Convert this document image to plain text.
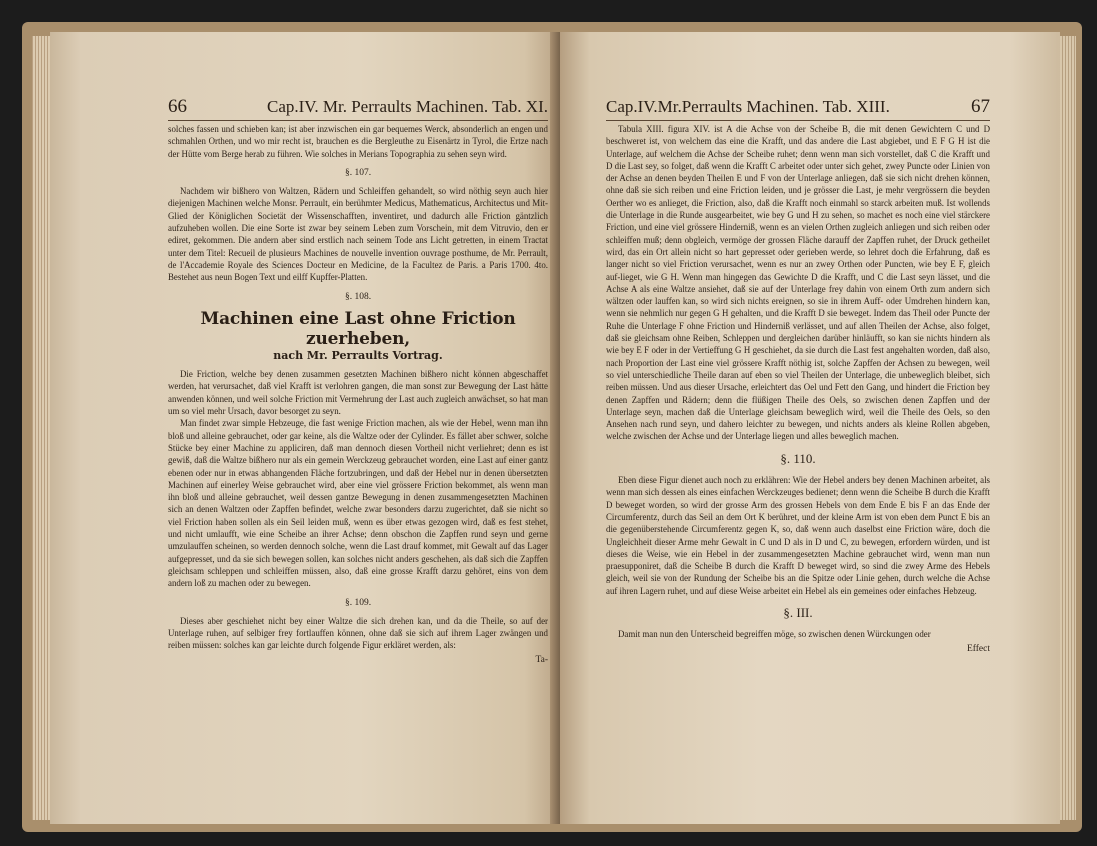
66	Cap.IV. Mr. Perraults Machinen. Tab. XI.

solches fassen und schieben kan; ist aber inzwischen ein gar bequemes Werck, absonderlich an engen und schmahlen Orthen, und wo mir recht ist, brauchen es die Bergleuthe zu Eisenärtz in Tyrol, die Ertze nach der Hütte vom Berge herab zu führen. Wie solches in Merians Topographia zu sehen seyn wird.

§. 107.

Nachdem wir bißhero von Waltzen, Rädern und Schleiffen gehandelt, so wird nöthig seyn auch hier diejenigen Machinen welche Monsr. Perrault, ein berühmter Medicus, Mathematicus, Architectus und Mit-Glied der Königlichen Societät der Wissenschafften, inventiret, und dadurch alle Friction gäntzlich aufzuheben wollen. Die eine Sorte ist zwar bey seinem Leben zum Vorschein, mit dem Vitruvio, den er ediret, gekommen. Die andern aber sind erstlich nach seinem Tode ans Licht getretten, in einem Tractat unter dem Titel: Recueil de plusieurs Machines de nouvelle invention ouvrage posthume, de Mr. Perrault, de l'Accademie Royale des Sciences Docteur en Medicine, de la Facultez de Paris. a Paris 1700. 4to. Bestehet aus neun Bogen Text und eilff Kupffer-Platten.

§. 108.
Machinen eine Last ohne Friction zuerheben,
nach Mr. Perraults Vortrag.

Die Friction, welche bey denen zusammen gesetzten Machinen bißhero nicht können abgeschaffet werden, hat verursachet, daß viel Krafft ist verlohren gangen, die man sonst zur Bewegung der Last hätte anwenden können, und weil solche Friction mit Vermehrung der Last auch zugleich anwächset, so hat man um so viel mehr Ursach, davor besorget zu seyn.

Man findet zwar simple Hebzeuge, die fast wenige Friction machen, als wie der Hebel, wenn man ihn bloß und alleine gebrauchet, oder gar keine, als die Waltze oder der Cylinder. Es fället aber schwer, solche Stücke bey einer Machine zu appliciren, daß man dennoch diesen Vortheil nicht verliehret; denn es ist gewiß, daß die Waltze bißhero nur als ein gemein Werckzeug gebrauchet worden, eine Last auf einer gantz ebenen oder nur in etwas abhangenden Fläche fortzubringen, und daß der Hebel nur in denen übersetzten Machinen auf einerley Weise gebrauchet wird, aber eine viel grössere Friction bekommet, als wenn man ihn bloß und alleine gebrauchet, weil dessen gantze Bewegung in denen zusammengesetzten Machinen sich an denen Waltzen oder Zapffen befindet, welche zwar besonders darzu zugerichtet, daß sie nicht so viel Friction haben sollen als ein Seil leiden muß, wenn es über etwas gezogen wird, daß es fest stehet, und nicht umlaufft, wie eine Scheibe an ihrer Achse; denn obschon die Zapffen rund seyn und gerne umzulauffen scheinen, so werden dennoch solche, wenn die Last drauf kommet, mit Gewalt auf das Lager aufgepresset, und da sie sich bewegen sollen, kan solches nicht anders geschehen, als daß sich die Zapffen gleichsam schleppen und schleiffen müssen, also, daß eine grosse Krafft darzu gehöret, eins von dem andern loß zu machen oder zu bewegen.

§. 109.

Dieses aber geschiehet nicht bey einer Waltze die sich drehen kan, und da die Theile, so auf der Unterlage ruhen, auf selbiger frey fortlauffen können, ohne daß sie sich auf ihrem Lager zwängen und reiben müssen: solches kan gar leichte durch folgende Figur erkläret werden, als:

Ta-
Cap.IV.Mr.Perraults Machinen. Tab. XIII.	67

Tabula XIII. figura XIV. ist A die Achse von der Scheibe B, die mit denen Gewichtern C und D beschweret ist, von welchem das eine die Krafft, und das andere die Last abgiebet, und E F G H ist die Unterlage, auf welchem die Achse der Scheibe ruhet; denn wenn man sich vorstellet, daß C die Krafft und D die Last sey, so folget, daß wenn die Krafft C arbeitet oder unter sich gehet, zwey Puncte oder Linien von der Achse an denen beyden Theilen E und F von der Unterlage anliegen, daß sie sich nicht drehen können, ohne daß sie sich reiben und eine Friction leiden, und je grösser die Last, je mehr vergrössern die beyden Oerther wo es anlieget, die Friction, also, daß die Krafft noch einmahl so starck arbeiten muß. Ist wollends die Unterlage in die Runde ausgearbeitet, wie bey G und H zu sehen, so machet es noch eine viel stärckere Friction, und eine viel grössere Hinderniß, wenn es an vielen Orthen zugleich anliegen und sich reiben oder schleiffen muß; denn obgleich, vermöge der grossen Fläche darauff der Zapffen ruhet, der Druck getheilet wird, das ein Ort allein nicht so hart gepresset oder gerieben werde, so lehret doch die Erfahrung, daß es langer nicht so viel Friction verursachet, wenn es nur an zwey Orthen oder Puncten, wie bey E F, gleich auf-lieget, wie G H. Wenn man hingegen das Gewichte D die Krafft, und C die Last seyn lässet, und die Achse A als eine Waltze ansiehet, daß sie auf der Unterlage frey dahin von einem Orth zum andern sich wältzen oder lauffen kan, so wird sich nichts ereignen, so sie in ihrem Auff- oder Umdrehen hindern kan, wenn sie nehmlich nur gegen G H gehalten, und die Krafft D sie beweget. Indem das Theil oder Puncte der Ruhe die Unterlage F ohne Friction und Hinderniß verlässet, und auf allen Theilen der Achse, also folget, daß sie gleichsam ohne Reiben, Schleppen und dergleichen darüber hinläufft, so kan sie nichts hindern als wie bey E F oder in der Vertieffung G H geschiehet, da sie durch die Last fest angehalten worden, daß also, nach Proportion der Last eine viel grössere Krafft nöthig ist, solche Zapffen der Achsen zu bewegen, weil so viel unterschiedliche Theile daran auf eben so viel Theilen der Unterlage, die unbeweglich bleibet, sich reiben müssen. Und aus dieser Ursache, erleichtert das Oel und Fett den Gang, und hindert die Friction bey denen Zapffen und Rädern; denn die flüßigen Theile des Oels, so zwischen denen Zapffen und der Unterlage seyn, machen daß die Unterlage gleichsam beweglich wird, weil die Theile des Oels, so den Ansehen nach rund seyn, und dahero leichter zu bewegen, und nichts anders als kleine Rollen abgeben, welche zwischen der Achse und der Unterlage liegen und alles beweglich machen.

§. 110.

Eben diese Figur dienet auch noch zu erklähren: Wie der Hebel anders bey denen Machinen arbeitet, als wenn man sich dessen als eines einfachen Werckzeuges bedienet; denn wenn die Scheibe B durch die Krafft D beweget worden, so wird der grosse Arm des grossen Hebels von dem Ende E bis F an das Ende der Circumferentz, durch das Seil an dem Ort K berühret, und der kleine Arm ist von eben dem Punct E bis an die gegenüberstehende Circumferentz gegen K, so, daß wenn auch daselbst eine Friction wäre, doch die Ungleichheit dieser Arme mehr Gewalt in C und D als in D und C, zu bewegen, erfordern würden, und ist dieses die Weise, wie ein Hebel in der zusammengesetzten Machine gebrauchet wird, wenn man nun praesupponiret, daß die Scheibe B durch die Krafft D beweget wird, so sind die zwey Arme des Hebels gleich, weil sie von der Rundung der Scheibe bis an die Spitze oder Linie gehen, durch welche die Achse auf ihren Lagern ruhet, und auf diese Weise arbeitet ein Hebel als ein gemeines oder einfaches Hebzeug.

§. III.

Damit man nun den Unterscheid begreiffen möge, so zwischen denen Würckungen oder

Effect
